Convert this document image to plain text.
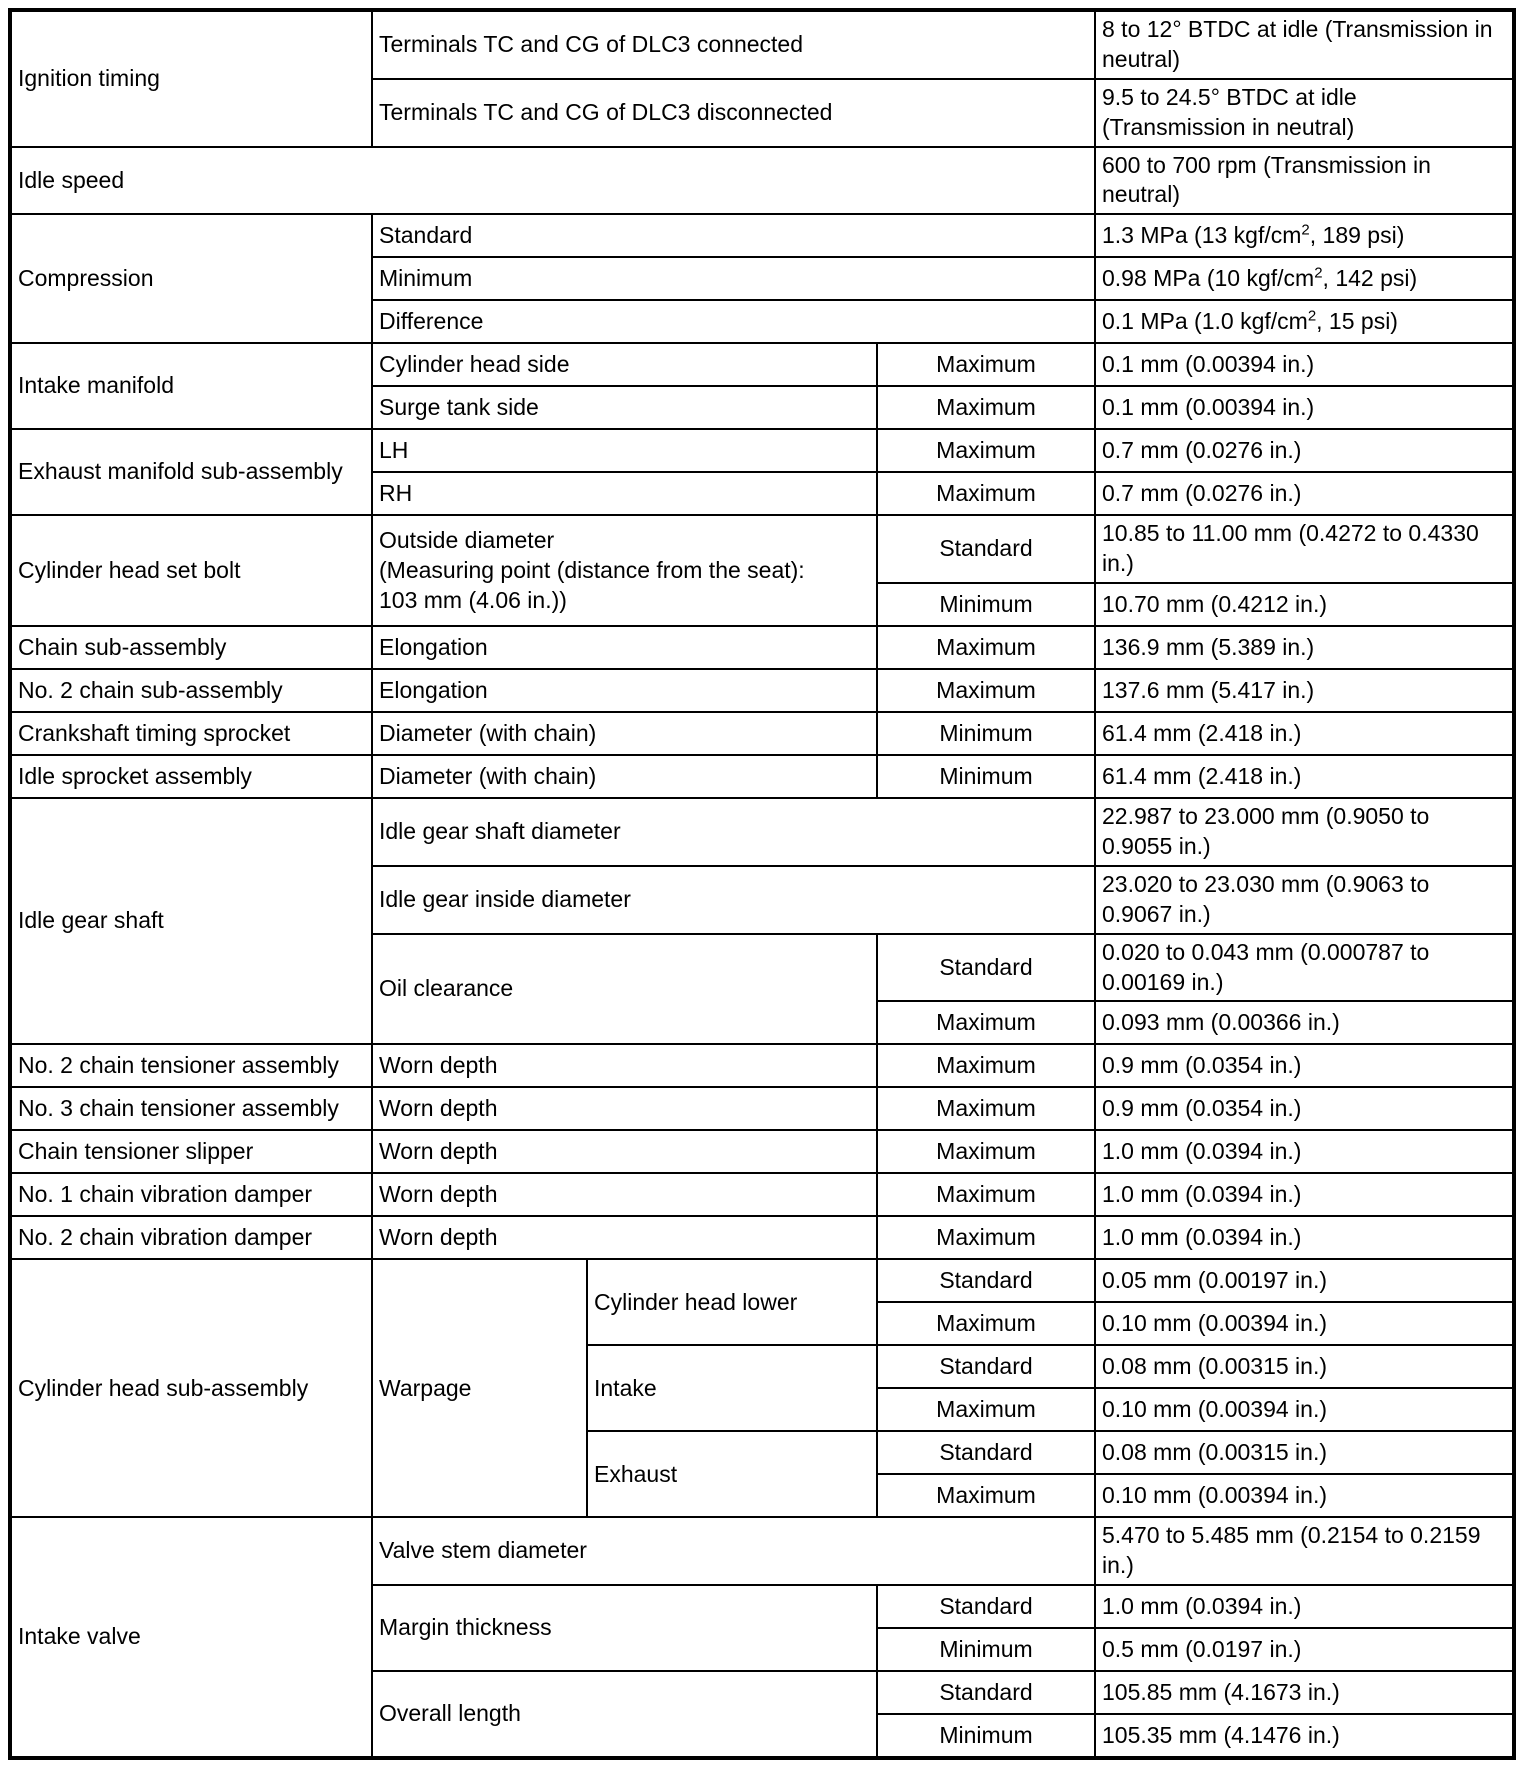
Ignition timing	Terminals TC and CG of DLC3 connected			8 to 12° BTDC at idle (Transmission in neutral)
	Terminals TC and CG of DLC3 disconnected			9.5 to 24.5° BTDC at idle (Transmission in neutral)
Idle speed				600 to 700 rpm (Transmission in neutral)
Compression	Standard			1.3 MPa (13 kgf/$cm^2$, 189 psi)
	Minimum			0.98 MPa (10 kgf/$cm^2$, 142 psi)
	Difference			0.1 MPa (1.0 kgf/$cm^2$, 15 psi)
Intake manifold	Cylinder head side		Maximum	0.1 mm (0.00394 in.)
	Surge tank side		Maximum	0.1 mm (0.00394 in.)
Exhaust manifold sub-assembly	LH		Maximum	0.7 mm (0.0276 in.)
	RH		Maximum	0.7 mm (0.0276 in.)
Cylinder head set bolt	Outside diameter
(Measuring point (distance from the seat):
103 mm (4.06 in.))		Standard	10.85 to 11.00 mm (0.4272 to 0.4330 in.)
			Minimum	10.70 mm (0.4212 in.)
Chain sub-assembly	Elongation		Maximum	136.9 mm (5.389 in.)
No. 2 chain sub-assembly	Elongation		Maximum	137.6 mm (5.417 in.)
Crankshaft timing sprocket	Diameter (with chain)		Minimum	61.4 mm (2.418 in.)
Idle sprocket assembly	Diameter (with chain)		Minimum	61.4 mm (2.418 in.)
Idle gear shaft	Idle gear shaft diameter			22.987 to 23.000 mm (0.9050 to 0.9055 in.)
	Idle gear inside diameter			23.020 to 23.030 mm (0.9063 to 0.9067 in.)
	Oil clearance		Standard	0.020 to 0.043 mm (0.000787 to 0.00169 in.)
			Maximum	0.093 mm (0.00366 in.)
No. 2 chain tensioner assembly	Worn depth		Maximum	0.9 mm (0.0354 in.)
No. 3 chain tensioner assembly	Worn depth		Maximum	0.9 mm (0.0354 in.)
Chain tensioner slipper	Worn depth		Maximum	1.0 mm (0.0394 in.)
No. 1 chain vibration damper	Worn depth		Maximum	1.0 mm (0.0394 in.)
No. 2 chain vibration damper	Worn depth		Maximum	1.0 mm (0.0394 in.)
Cylinder head sub-assembly	Warpage	Cylinder head lower	Standard	0.05 mm (0.00197 in.)
			Maximum	0.10 mm (0.00394 in.)
		Intake	Standard	0.08 mm (0.00315 in.)
			Maximum	0.10 mm (0.00394 in.)
		Exhaust	Standard	0.08 mm (0.00315 in.)
			Maximum	0.10 mm (0.00394 in.)
Intake valve	Valve stem diameter			5.470 to 5.485 mm (0.2154 to 0.2159 in.)
	Margin thickness		Standard	1.0 mm (0.0394 in.)
			Minimum	0.5 mm (0.0197 in.)
	Overall length		Standard	105.85 mm (4.1673 in.)
			Minimum	105.35 mm (4.1476 in.)
